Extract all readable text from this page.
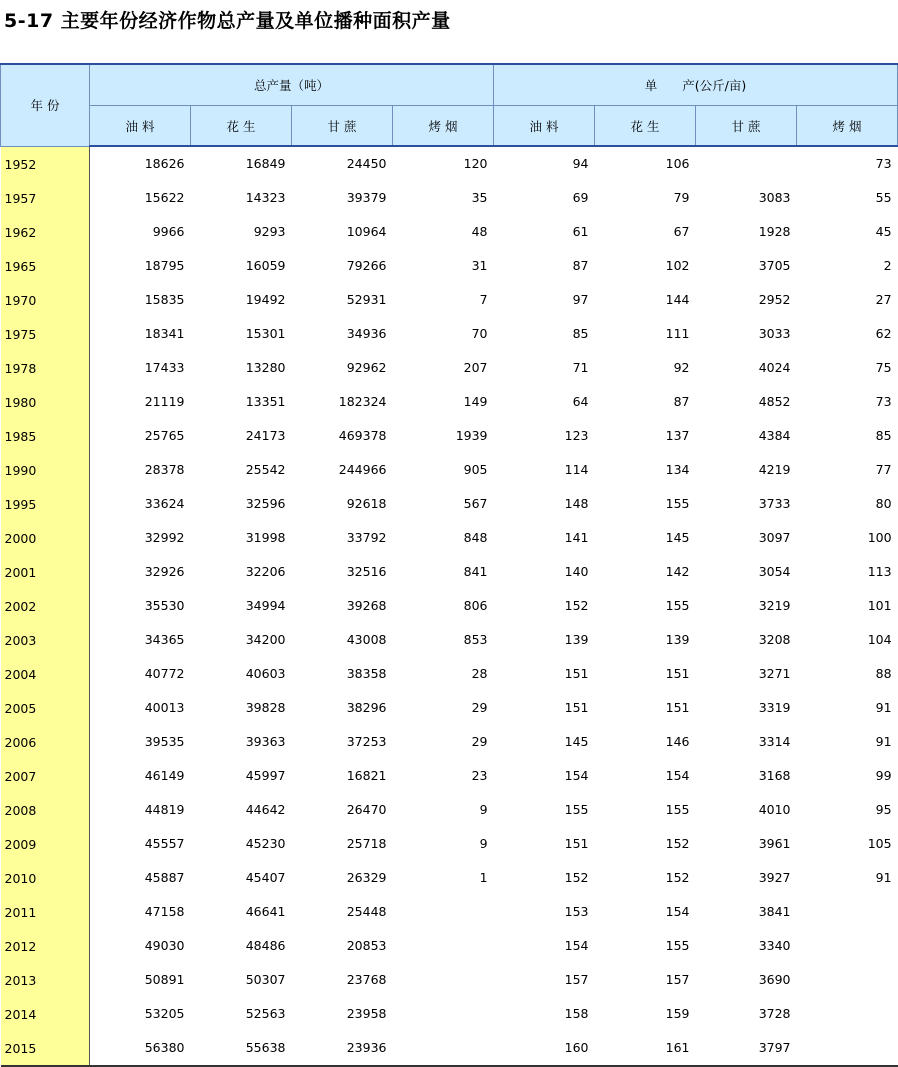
5-17 主要年份经济作物总产量及单位播种面积产量
年 份	总产量（吨）				单　　产(公斤/亩)			
	油 料	花 生	甘 蔗	烤 烟	油 料	花 生	甘 蔗	烤 烟
1952	18626	16849	24450	120	94	106		73
1957	15622	14323	39379	35	69	79	3083	55
1962	9966	9293	10964	48	61	67	1928	45
1965	18795	16059	79266	31	87	102	3705	2
1970	15835	19492	52931	7	97	144	2952	27
1975	18341	15301	34936	70	85	111	3033	62
1978	17433	13280	92962	207	71	92	4024	75
1980	21119	13351	182324	149	64	87	4852	73
1985	25765	24173	469378	1939	123	137	4384	85
1990	28378	25542	244966	905	114	134	4219	77
1995	33624	32596	92618	567	148	155	3733	80
2000	32992	31998	33792	848	141	145	3097	100
2001	32926	32206	32516	841	140	142	3054	113
2002	35530	34994	39268	806	152	155	3219	101
2003	34365	34200	43008	853	139	139	3208	104
2004	40772	40603	38358	28	151	151	3271	88
2005	40013	39828	38296	29	151	151	3319	91
2006	39535	39363	37253	29	145	146	3314	91
2007	46149	45997	16821	23	154	154	3168	99
2008	44819	44642	26470	9	155	155	4010	95
2009	45557	45230	25718	9	151	152	3961	105
2010	45887	45407	26329	1	152	152	3927	91
2011	47158	46641	25448		153	154	3841	
2012	49030	48486	20853		154	155	3340	
2013	50891	50307	23768		157	157	3690	
2014	53205	52563	23958		158	159	3728	
2015	56380	55638	23936		160	161	3797	
